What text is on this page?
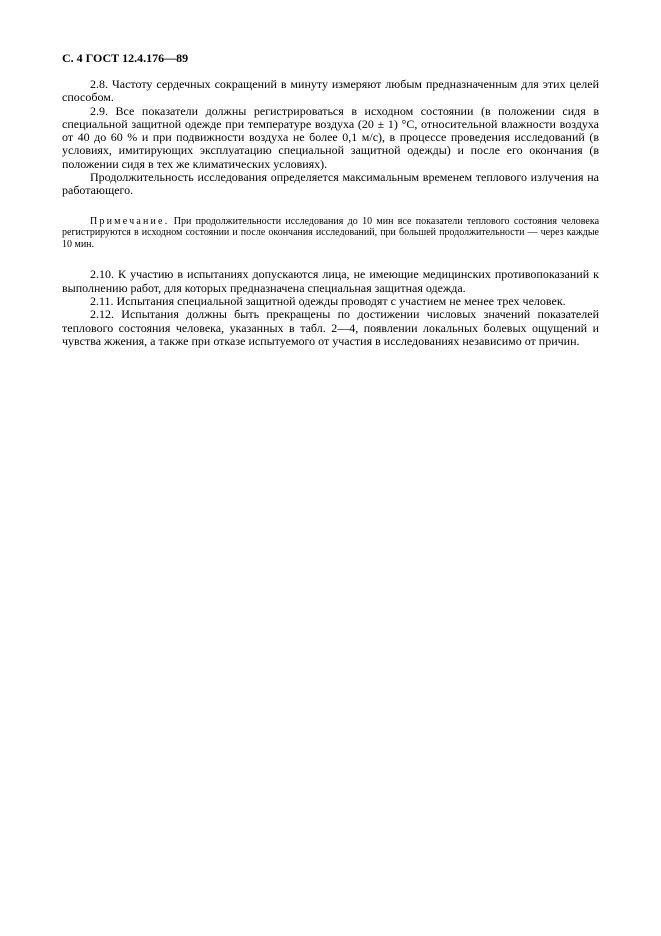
С. 4 ГОСТ 12.4.176—89

2.8. Частоту сердечных сокращений в минуту измеряют любым предназначенным для этих целей способом.

2.9. Все показатели должны регистрироваться в исходном состоянии (в положении сидя в специальной защитной одежде при температуре воздуха (20 ± 1) °С, относительной влажности воздуха от 40 до 60 % и при подвижности воздуха не более 0,1 м/с), в процессе проведения исследований (в условиях, имитирующих эксплуатацию специальной защитной одежды) и после его окончания (в положении сидя в тех же климатических условиях).

Продолжительность исследования определяется максимальным временем теплового излучения на работающего.

Примечание. При продолжительности исследования до 10 мин все показатели теплового состояния человека регистрируются в исходном состоянии и после окончания исследований, при большей продолжительности — через каждые 10 мин.

2.10. К участию в испытаниях допускаются лица, не имеющие медицинских противопоказаний к выполнению работ, для которых предназначена специальная защитная одежда.

2.11. Испытания специальной защитной одежды проводят с участием не менее трех человек.

2.12. Испытания должны быть прекращены по достижении числовых значений показателей теплового состояния человека, указанных в табл. 2—4, появлении локальных болевых ощущений и чувства жжения, а также при отказе испытуемого от участия в исследованиях независимо от причин.
